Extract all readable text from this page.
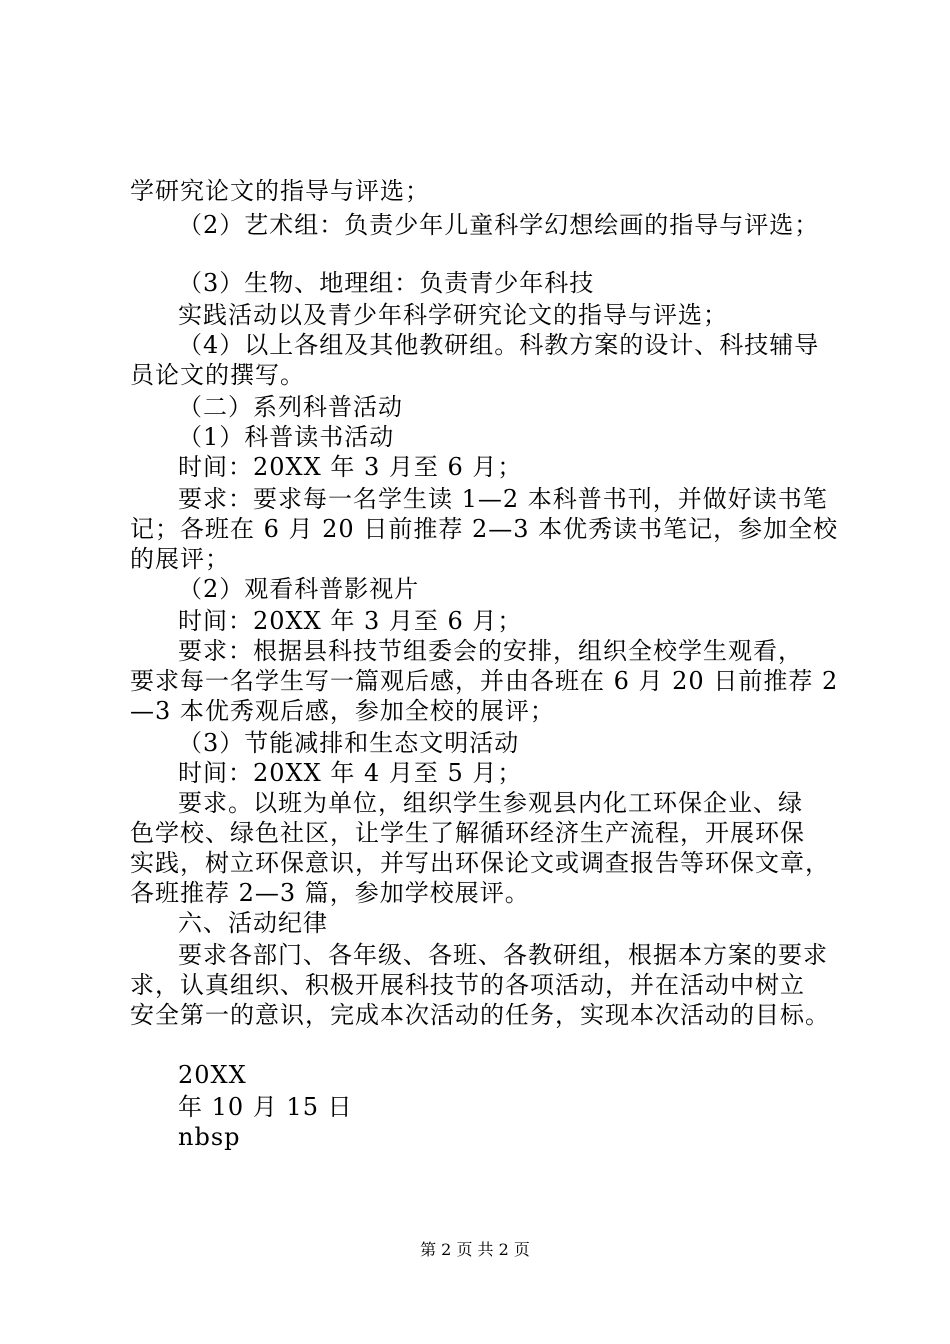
学研究论文的指导与评选；
（2）艺术组：负责少年儿童科学幻想绘画的指导与评选；
（3）生物、地理组：负责青少年科技
实践活动以及青少年科学研究论文的指导与评选；
（4）以上各组及其他教研组。科教方案的设计、科技辅导
员论文的撰写。
（二）系列科普活动
（1）科普读书活动
时间：20XX 年 3 月至 6 月；
要求：要求每一名学生读 1—2 本科普书刊，并做好读书笔
记；各班在 6 月 20 日前推荐 2—3 本优秀读书笔记，参加全校
的展评；
（2）观看科普影视片
时间：20XX 年 3 月至 6 月；
要求：根据县科技节组委会的安排，组织全校学生观看，
要求每一名学生写一篇观后感，并由各班在 6 月 20 日前推荐 2
—3 本优秀观后感，参加全校的展评；
（3）节能减排和生态文明活动
时间：20XX 年 4 月至 5 月；
要求。以班为单位，组织学生参观县内化工环保企业、绿
色学校、绿色社区，让学生了解循环经济生产流程，开展环保
实践，树立环保意识，并写出环保论文或调查报告等环保文章，
各班推荐 2—3 篇，参加学校展评。
六、活动纪律
要求各部门、各年级、各班、各教研组，根据本方案的要求
求，认真组织、积极开展科技节的各项活动，并在活动中树立
安全第一的意识，完成本次活动的任务，实现本次活动的目标。
20XX
年 10 月 15 日
nbsp
第 2 页 共 2 页
